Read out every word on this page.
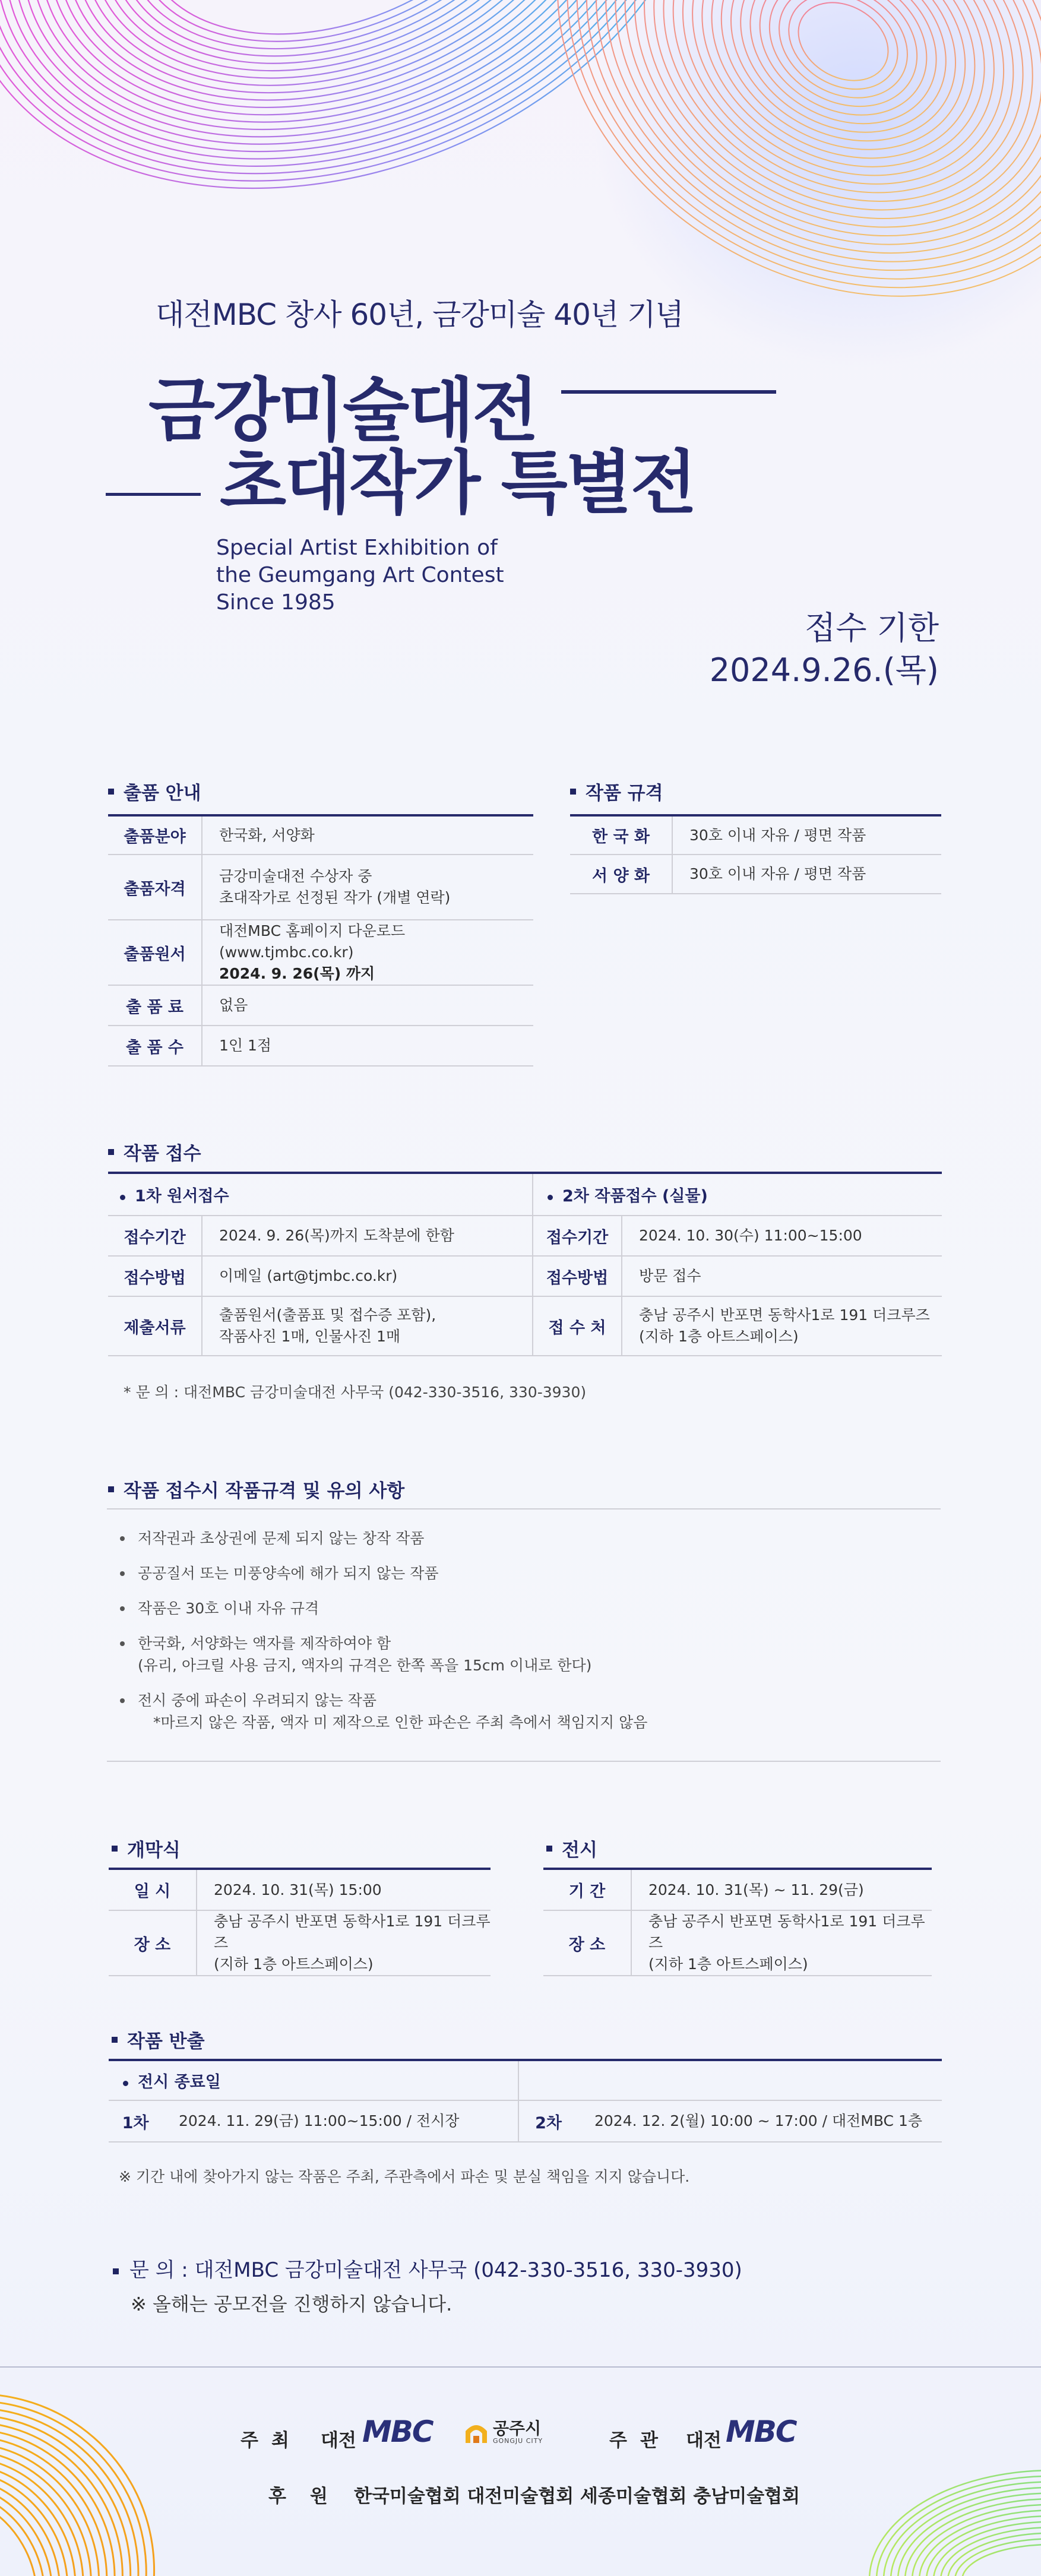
대전MBC 창사 60년, 금강미술 40년 기념
금강미술대전
초대작가 특별전
Special Artist Exhibition of
the Geumgang Art Contest
Since 1985
접수 기한
2024.9.26.(목)
출품 안내
출품분야	한국화, 서양화
출품자격	금강미술대전 수상자 중
초대작가로 선정된 작가 (개별 연락)

출품원서	대전MBC 홈페이지 다운로드 (www.tjmbc.co.kr)
2024. 9. 26(목) 까지

출 품 료	없음
출 품 수	1인 1점
작품 규격
한 국 화	30호 이내 자유 / 평면 작품
서 양 화	30호 이내 자유 / 평면 작품
작품 접수
1차 원서접수	
접수기간	2024. 9. 26(목)까지 도착분에 한함
접수방법	이메일 (art@tjmbc.co.kr)
제출서류	출품원서(출품표 및 접수증 포함),
작품사진 1매, 인물사진 1매
2차 작품접수 (실물)	
접수기간	2024. 10. 30(수) 11:00~15:00
접수방법	방문 접수
접 수 처	충남 공주시 반포면 동학사1로 191 더크루즈
(지하 1층 아트스페이스)
* 문 의 : 대전MBC 금강미술대전 사무국 (042-330-3516, 330-3930)
작품 접수시 작품규격 및 유의 사항
저작권과 초상권에 문제 되지 않는 창작 작품
공공질서 또는 미풍양속에 해가 되지 않는 작품
작품은 30호 이내 자유 규격
한국화, 서양화는 액자를 제작하여야 함
(유리, 아크릴 사용 금지, 액자의 규격은 한쪽 폭을 15cm 이내로 한다)
전시 중에 파손이 우려되지 않는 작품
*마르지 않은 작품, 액자 미 제작으로 인한 파손은 주최 측에서 책임지지 않음
개막식
일 시	2024. 10. 31(목) 15:00
장 소	충남 공주시 반포면 동학사1로 191 더크루즈
(지하 1층 아트스페이스)
전시
기 간	2024. 10. 31(목) ~ 11. 29(금)
장 소	충남 공주시 반포면 동학사1로 191 더크루즈
(지하 1층 아트스페이스)
작품 반출
전시 종료일			
1차	2024. 11. 29(금) 11:00~15:00 / 전시장	2차	2024. 12. 2(월) 10:00 ~ 17:00 / 대전MBC 1층
※ 기간 내에 찾아가지 않는 작품은 주최, 주관측에서 파손 및 분실 책임을 지지 않습니다.
문 의 : 대전MBC 금강미술대전 사무국 (042-330-3516, 330-3930)
※ 올해는 공모전을 진행하지 않습니다.
주최 대전 MBC	공주시
GONGJU CITY	주관 대전 MBC
후원 한국미술협회 대전미술협회 세종미술협회 충남미술협회
